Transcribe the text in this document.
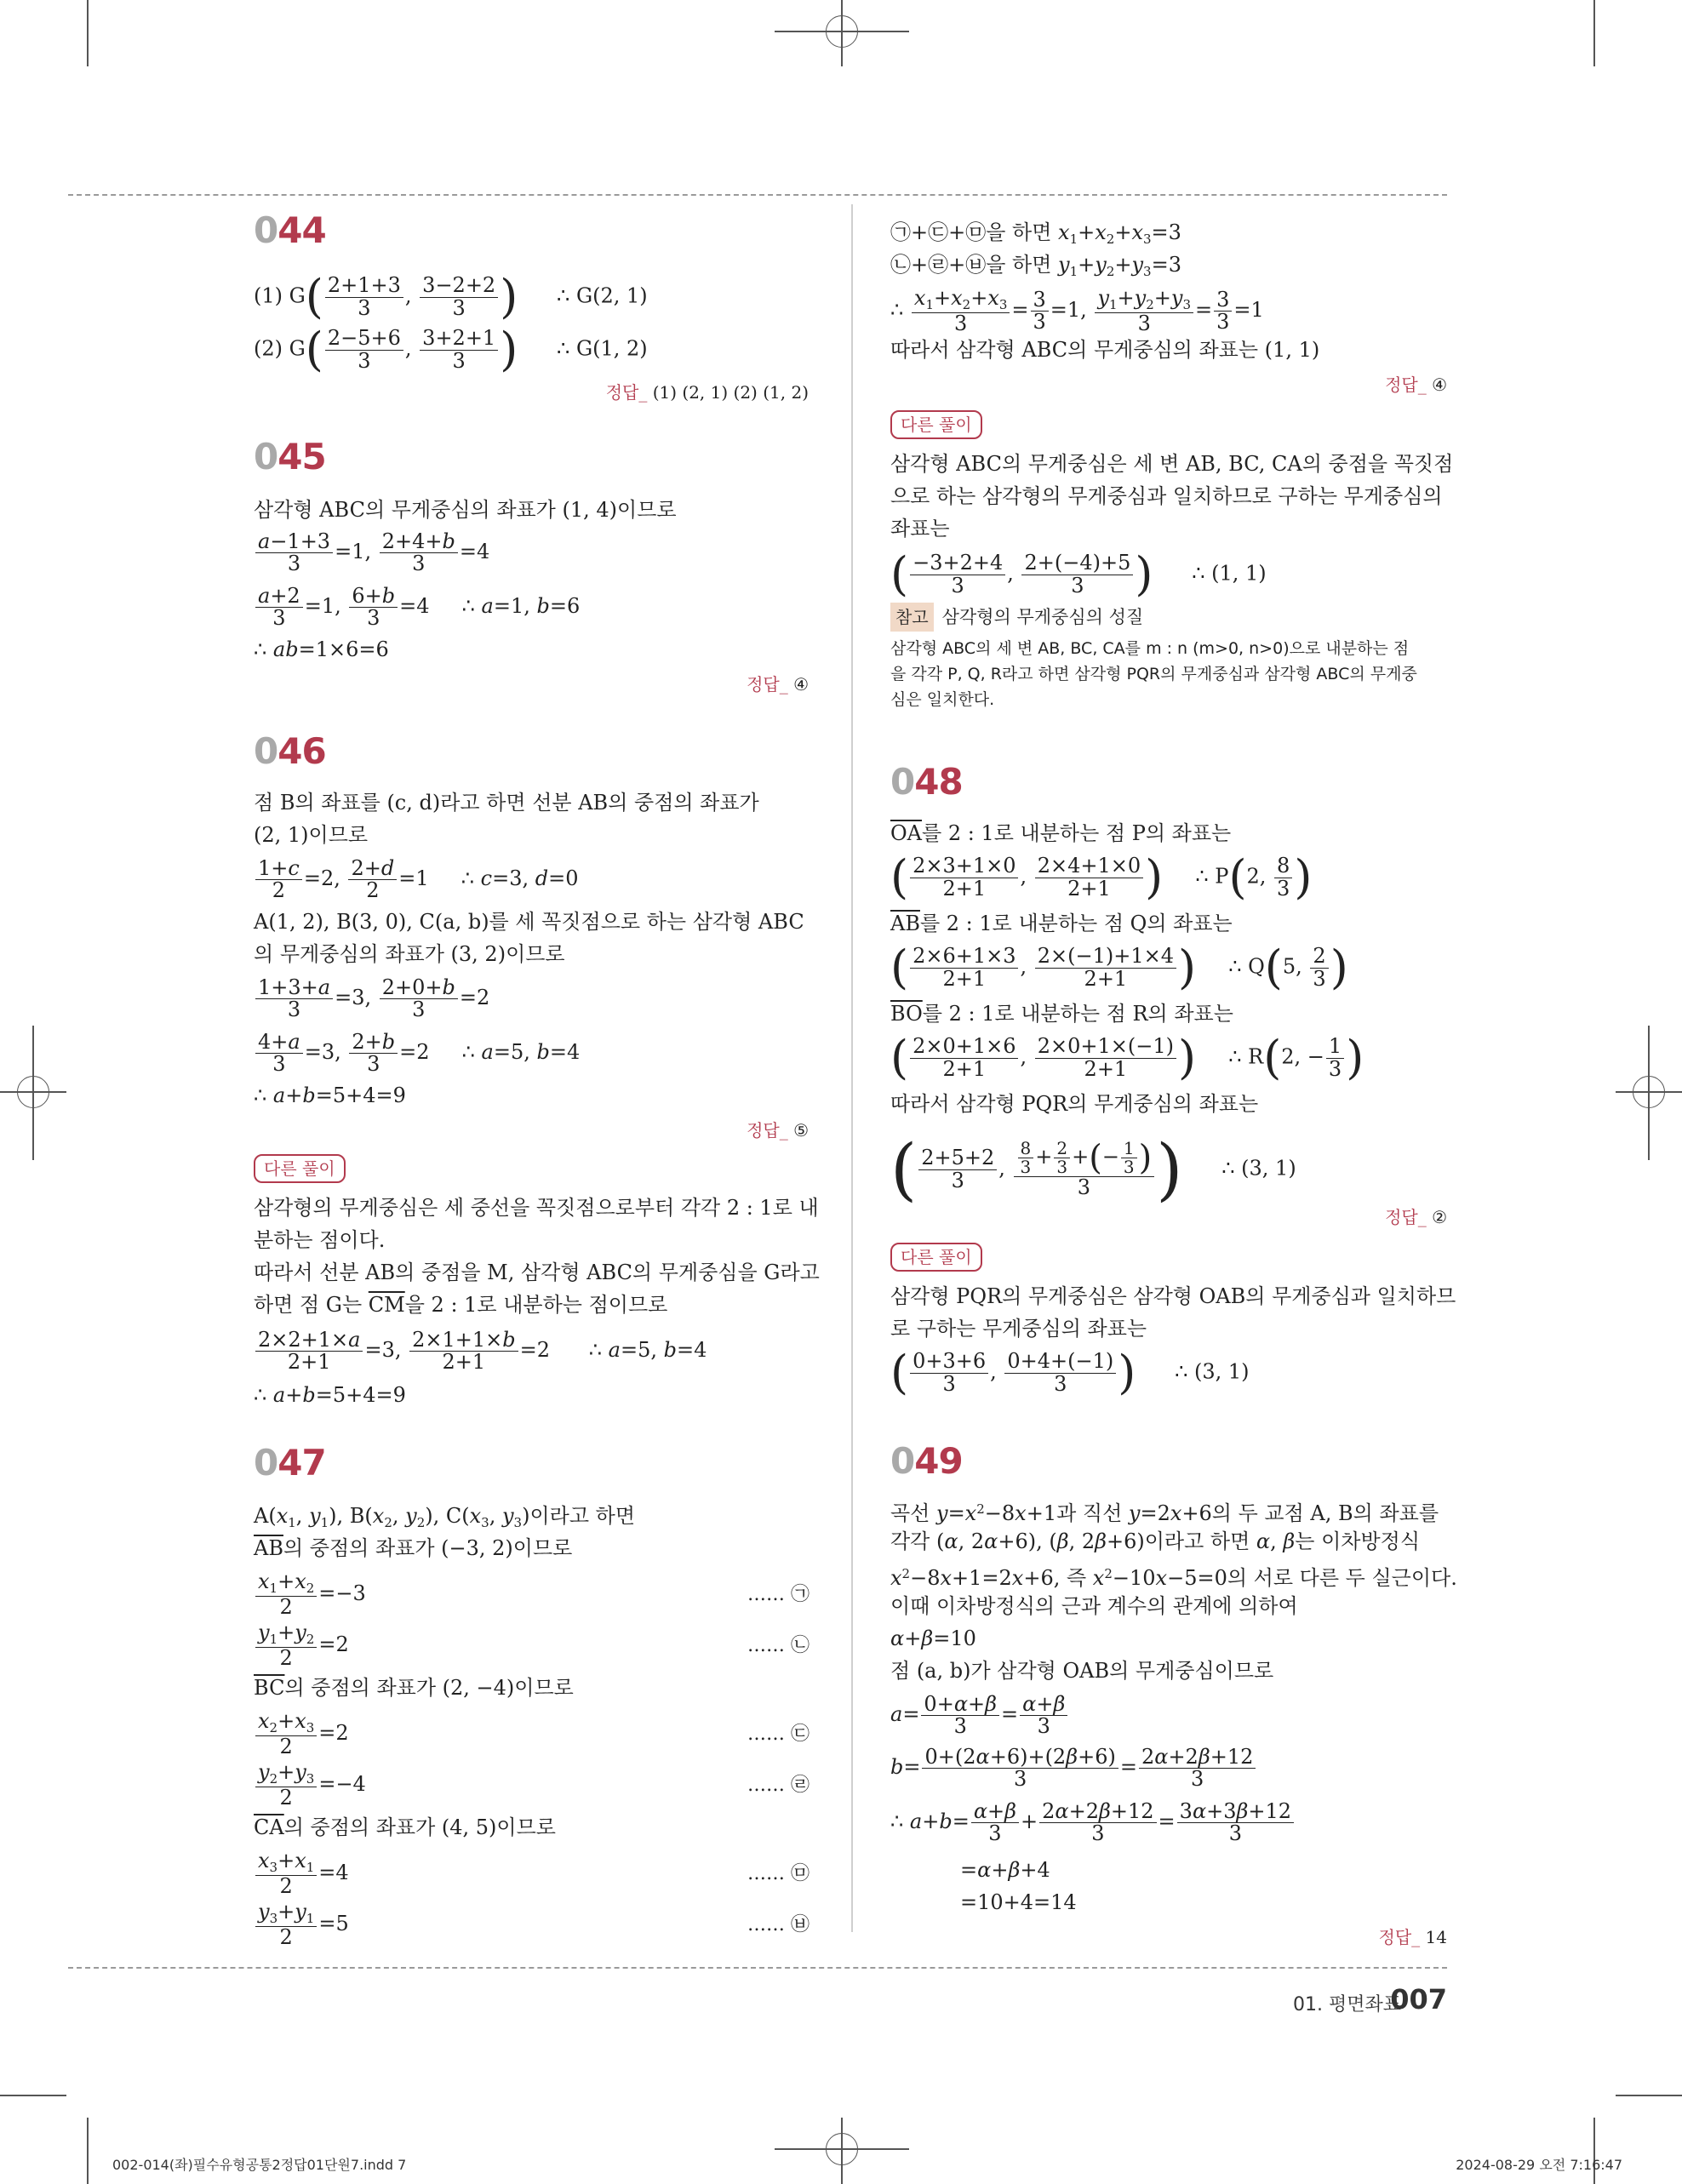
044
(1) $G( \frac{2+1+3}{3}$ , $\frac{3-2+2}{3}$ )      ∴ G(2, 1)
(2) $G( \frac{2-5+6}{3}$ , $\frac{3+2+1}{3}$ )      ∴ G(1, 2)
정답_ (1) (2, 1) (2) (1, 2)
045
삼각형 ABC의 무게중심의 좌표가 (1, 4)이므로
$\frac{a-1+3}{3} =1$, $\frac{2+4+b}{3} =4$
$\frac{a+2}{3} =1$, $\frac{6+b}{3} =4$     ∴ a=1, b=6
∴ ab=1×6=6
정답_ ④
046
점 B의 좌표를 (c, d)라고 하면 선분 AB의 중점의 좌표가
(2, 1)이므로
$\frac{1+c}{2} =2$, $\frac{2+d}{2} =1$     ∴ c=3, d=0
A(1, 2), B(3, 0), C(a, b)를 세 꼭짓점으로 하는 삼각형 ABC
의 무게중심의 좌표가 (3, 2)이므로
$\frac{1+3+a}{3} =3$, $\frac{2+0+b}{3} =2$
$\frac{4+a}{3} =3$, $\frac{2+b}{3} =2$     ∴ a=5, b=4
∴ a+b=5+4=9
정답_ ⑤
다른 풀이
삼각형의 무게중심은 세 중선을 꼭짓점으로부터 각각 2 : 1로 내
분하는 점이다.
따라서 선분 AB의 중점을 M, 삼각형 ABC의 무게중심을 G라고
하면 점 G는 $\overline{CM}$을 2 : 1로 내분하는 점이므로
$\frac{2\times 2+1\times a}{2+1} =3$, $\frac{2\times 1+1\times b}{2+1} =2$      ∴ a=5, b=4
∴ a+b=5+4=9
047
$A(x_1$, $y_1$), $B(x_2$, $y_2$), $C(x_3$, $y_3$)이라고 하면
$\overline{AB}$의 중점의 좌표가 (−3, 2)이므로
$\frac{x_1+x_2}{2} =-3$	…… ㉠
$\frac{y_1+y_2}{2} =2$	…… ㉡
$\overline{BC}$의 중점의 좌표가 (2, −4)이므로
$\frac{x_2+x_3}{2} =2$	…… ㉢
$\frac{y_2+y_3}{2} =-4$	…… ㉣
$\overline{CA}$의 중점의 좌표가 (4, 5)이므로
$\frac{x_3+x_1}{2} =4$	…… ㉤
$\frac{y_3+y_1}{2} =5$	…… ㉥
㉠+㉢+㉤을 하면 $x_1+x_2+x_3=3$
㉡+㉣+㉥을 하면 $y_1+y_2+y_3=3$
∴ $\frac{x_1+x_2+x_3}{3} = \frac{3}{3} =1$, $\frac{y_1+y_2+y_3}{3} = \frac{3}{3} =1$
따라서 삼각형 ABC의 무게중심의 좌표는 (1, 1)
정답_ ④
다른 풀이
삼각형 ABC의 무게중심은 세 변 AB, BC, CA의 중점을 꼭짓점
으로 하는 삼각형의 무게중심과 일치하므로 구하는 무게중심의
좌표는
( $\frac{-3+2+4}{3}$ , $\frac{2+(-4)+5}{3}$ )      ∴ (1, 1)
참고 삼각형의 무게중심의 성질
삼각형 ABC의 세 변 AB, BC, CA를 m : n (m>0, n>0)으로 내분하는 점
을 각각 P, Q, R라고 하면 삼각형 PQR의 무게중심과 삼각형 ABC의 무게중
심은 일치한다.
048
$\overline{OA}$를 2 : 1로 내분하는 점 P의 좌표는
( $\frac{2\times 3+1\times 0}{2+1}$ , $\frac{2\times 4+1\times 0}{2+1}$ )     ∴ P(2, $\frac{8}{3}$ )
$\overline{AB}$를 2 : 1로 내분하는 점 Q의 좌표는
( $\frac{2\times 6+1\times 3}{2+1}$ , $\frac{2\times(-1)+1\times 4}{2+1}$ )     ∴ Q(5, $\frac{2}{3}$ )
$\overline{BO}$를 2 : 1로 내분하는 점 R의 좌표는
( $\frac{2\times 0+1\times 6}{2+1}$ , $\frac{2\times 0+1\times(-1)}{2+1}$ )     ∴ R(2, − $\frac{1}{3}$ )
따라서 삼각형 PQR의 무게중심의 좌표는
( $\frac{2+5+2}{3}$ , $\frac{\frac{8}{3} + \frac{2}{3} +(- \frac{1}{3} )}{3}$ )      ∴ (3, 1)
정답_ ②
다른 풀이
삼각형 PQR의 무게중심은 삼각형 OAB의 무게중심과 일치하므
로 구하는 무게중심의 좌표는
( $\frac{0+3+6}{3}$ , $\frac{0+4+(-1)}{3}$ )      ∴ (3, 1)
049
곡선 $y=x^2-8x+1$과 직선 y=2x+6의 두 교점 A, B의 좌표를
각각 (α, 2α+6), (β, 2β+6)이라고 하면 α, β는 이차방정식
$x^2-8x+1=2x+6$, 즉 $x^2-10x-5=0$의 서로 다른 두 실근이다.
이때 이차방정식의 근과 계수의 관계에 의하여
α+β=10
점 (a, b)가 삼각형 OAB의 무게중심이므로
$a= \frac{0+\alpha+\beta}{3} = \frac{\alpha+\beta}{3}$
$b= \frac{0+(2\alpha+6)+(2\beta+6)}{3} = \frac{2\alpha+2\beta+12}{3}$
∴ $a+b= \frac{\alpha+\beta}{3} + \frac{2\alpha+2\beta+12}{3} = \frac{3\alpha+3\beta+12}{3}$
=α+β+4
=10+4=14
정답_ 14
01. 평면좌표
007
002-014(좌)필수유형공통2정답01단원7.indd 7	2024-08-29 오전 7:16:47
